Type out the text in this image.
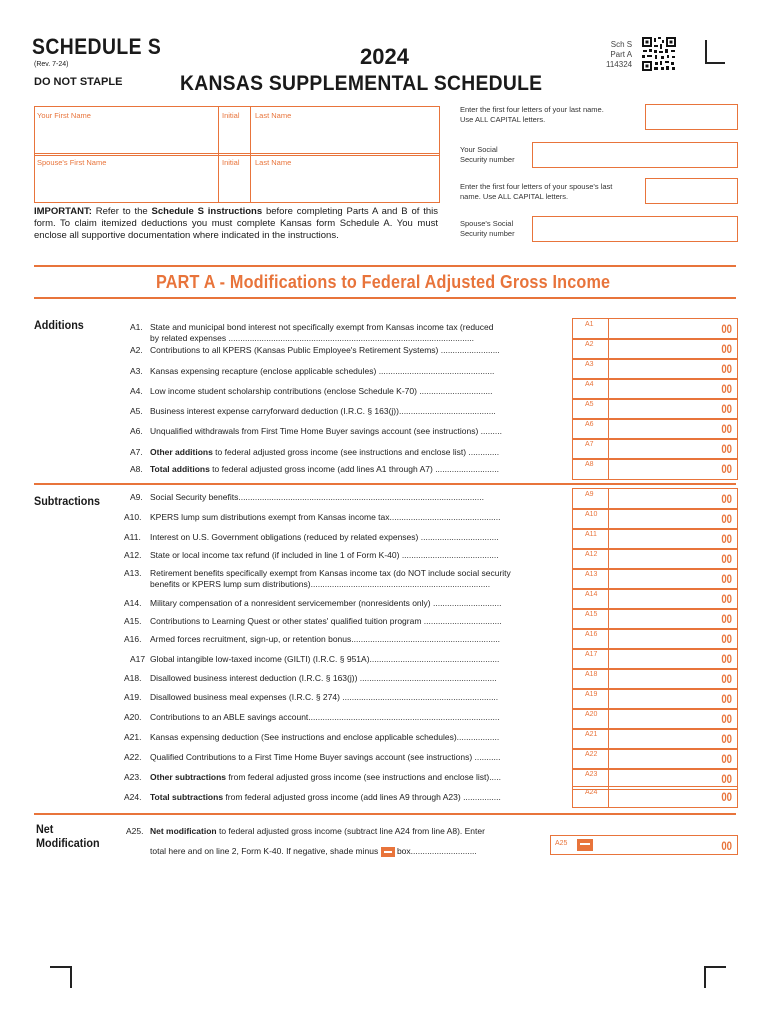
SCHEDULE S
(Rev. 7-24)
DO NOT STAPLE
2024
KANSAS SUPPLEMENTAL SCHEDULE
Sch S
Part A
114324
Your First Name	Initial Last Name
Spouse's First Name	Initial Last Name
Enter the first four letters of your last name. Use ALL CAPITAL letters.
Your Social Security number
Enter the first four letters of your spouse's last name. Use ALL CAPITAL letters.
Spouse's Social Security number
IMPORTANT: Refer to the Schedule S instructions before completing Parts A and B of this form. To claim itemized deductions you must complete Kansas form Schedule A. You must enclose all supportive documentation where indicated in the instructions.
PART A - Modifications to Federal Adjusted Gross Income
Additions
Subtractions
Net
Modification
A1. State and municipal bond interest not specifically exempt from Kansas income tax (reduced
by related expenses ........................................................................................................
A1	00
A2. Contributions to all KPERS (Kansas Public Employee's Retirement Systems) .........................
A2	00
A3. Kansas expensing recapture (enclose applicable schedules) .................................................
A3	00
A4. Low income student scholarship contributions (enclose Schedule K-70) ...............................
A4	00
A5. Business interest expense carryforward deduction (I.R.C. § 163(j)).........................................
A5	00
A6. Unqualified withdrawals from First Time Home Buyer savings account (see instructions) .........
A6	00
A7. Other additions to federal adjusted gross income (see instructions and enclose list) .............
A7	00
A8. Total additions to federal adjusted gross income (add lines A1 through A7) ...........................	A8	00
A9. Social Security benefits........................................................................................................	A9	00
A10. KPERS lump sum distributions exempt from Kansas income tax...............................................	A10	00
A11. Interest on U.S. Government obligations (reduced by related expenses) .................................	A11	00
A12. State or local income tax refund (if included in line 1 of Form K-40) .........................................	A12	00
A13. Retirement benefits specifically exempt from Kansas income tax (do NOT include social security
benefits or KPERS lump sum distributions)............................................................................
A13	00
A14. Military compensation of a nonresident servicemember (nonresidents only) .............................
A14	00
A15. Contributions to Learning Quest or other states' qualified tuition program .................................
A15	00
A16. Armed forces recruitment, sign-up, or retention bonus...............................................................	A16	00
A17 Global intangible low-taxed income (GILTI) (I.R.C. § 951A).......................................................	A17	00
A18. Disallowed business interest deduction (I.R.C. § 163(j)) ..........................................................	A18	00
A19. Disallowed business meal expenses (I.R.C. § 274) ..................................................................	A19	00
A20. Contributions to an ABLE savings account.................................................................................	A20	00
A21. Kansas expensing deduction (See instructions and enclose applicable schedules)..................	A21	00
A22. Qualified Contributions to a First Time Home Buyer savings account (see instructions) ...........	A22	00
A23. Other subtractions from federal adjusted gross income (see instructions and enclose list).....	A23	00
A24. Total subtractions from federal adjusted gross income (add lines A9 through A23) ................	A24	00
A25. Net modification to federal adjusted gross income (subtract line A24 from line A8). Enter
total here and on line 2, Form K-40. If negative, shade minus  box............................
A25	00
